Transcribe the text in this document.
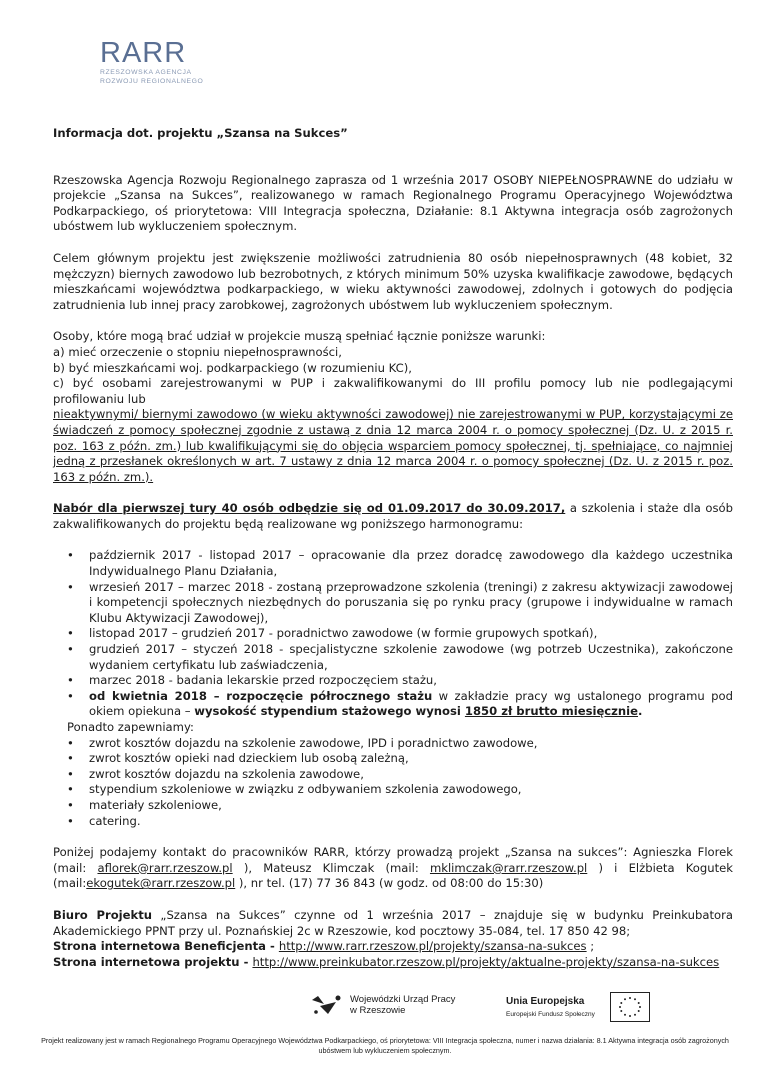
RARR
RZESZOWSKA AGENCJA
ROZWOJU REGIONALNEGO

Informacja dot. projektu „Szansa na Sukces”

Rzeszowska Agencja Rozwoju Regionalnego zaprasza od 1 września 2017 OSOBY NIEPEŁNOSPRAWNE do udziału w projekcie „Szansa na Sukces”, realizowanego w ramach Regionalnego Programu Operacyjnego Województwa Podkarpackiego, oś priorytetowa: VIII Integracja społeczna, Działanie: 8.1 Aktywna integracja osób zagrożonych ubóstwem lub wykluczeniem społecznym.

Celem głównym projektu jest zwiększenie możliwości zatrudnienia 80 osób niepełnosprawnych (48 kobiet, 32 mężczyzn) biernych zawodowo lub bezrobotnych, z których minimum 50% uzyska kwalifikacje zawodowe, będących mieszkańcami województwa podkarpackiego, w wieku aktywności zawodowej, zdolnych i gotowych do podjęcia zatrudnienia lub innej pracy zarobkowej, zagrożonych ubóstwem lub wykluczeniem społecznym.

Osoby, które mogą brać udział w projekcie muszą spełniać łącznie poniższe warunki:

a) mieć orzeczenie o stopniu niepełnosprawności,

b) być mieszkańcami woj. podkarpackiego (w rozumieniu KC),

c) być osobami zarejestrowanymi w PUP i zakwalifikowanymi do III profilu pomocy lub nie podlegającymi profilowaniu lub

nieaktywnymi/ biernymi zawodowo (w wieku aktywności zawodowej) nie zarejestrowanymi w PUP, korzystającymi ze świadczeń z pomocy społecznej zgodnie z ustawą z dnia 12 marca 2004 r. o pomocy społecznej (Dz. U. z 2015 r. poz. 163 z późn. zm.) lub kwalifikującymi się do objęcia wsparciem pomocy społecznej, tj. spełniające, co najmniej jedną z przesłanek określonych w art. 7 ustawy z dnia 12 marca 2004 r. o pomocy społecznej (Dz. U. z 2015 r. poz. 163 z późn. zm.).

Nabór dla pierwszej tury 40 osób odbędzie się od 01.09.2017 do 30.09.2017, a szkolenia i staże dla osób zakwalifikowanych do projektu będą realizowane wg poniższego harmonogramu:

• październik 2017 - listopad 2017 – opracowanie dla przez doradcę zawodowego dla każdego uczestnika Indywidualnego Planu Działania,
• wrzesień 2017 – marzec 2018 - zostaną przeprowadzone szkolenia (treningi) z zakresu aktywizacji zawodowej i kompetencji społecznych niezbędnych do poruszania się po rynku pracy (grupowe i indywidualne w ramach Klubu Aktywizacji Zawodowej),
• listopad 2017 – grudzień 2017 - poradnictwo zawodowe (w formie grupowych spotkań),
• grudzień 2017 – styczeń 2018 - specjalistyczne szkolenie zawodowe (wg potrzeb Uczestnika), zakończone wydaniem certyfikatu lub zaświadczenia,
• marzec 2018 - badania lekarskie przed rozpoczęciem stażu,
• od kwietnia 2018 – rozpoczęcie półrocznego stażu w zakładzie pracy wg ustalonego programu pod okiem opiekuna – wysokość stypendium stażowego wynosi 1850 zł brutto miesięcznie.

Ponadto zapewniamy:

• zwrot kosztów dojazdu na szkolenie zawodowe, IPD i poradnictwo zawodowe,
• zwrot kosztów opieki nad dzieckiem lub osobą zależną,
• zwrot kosztów dojazdu na szkolenia zawodowe,
• stypendium szkoleniowe w związku z odbywaniem szkolenia zawodowego,
• materiały szkoleniowe,
• catering.

Poniżej podajemy kontakt do pracowników RARR, którzy prowadzą projekt „Szansa na sukces”: Agnieszka Florek (mail: aflorek@rarr.rzeszow.pl ), Mateusz Klimczak (mail: mklimczak@rarr.rzeszow.pl ) i Elżbieta Kogutek (mail:ekogutek@rarr.rzeszow.pl ), nr tel. (17) 77 36 843 (w godz. od 08:00 do 15:30)

Biuro Projektu „Szansa na Sukces” czynne od 1 września 2017 – znajduje się w budynku Preinkubatora Akademickiego PPNT przy ul. Poznańskiej 2c w Rzeszowie, kod pocztowy 35-084, tel. 17 850 42 98;

Strona internetowa Beneficjenta - http://www.rarr.rzeszow.pl/projekty/szansa-na-sukces ;

Strona internetowa projektu - http://www.preinkubator.rzeszow.pl/projekty/aktualne-projekty/szansa-na-sukces

Wojewódzki Urząd Pracy
w Rzeszowie
Unia Europejska
Europejski Fundusz Społeczny
Projekt realizowany jest w ramach Regionalnego Programu Operacyjnego Województwa Podkarpackiego, oś priorytetowa: VIII Integracja społeczna, numer i nazwa działania: 8.1 Aktywna integracja osób zagrożonych ubóstwem lub wykluczeniem społecznym.
